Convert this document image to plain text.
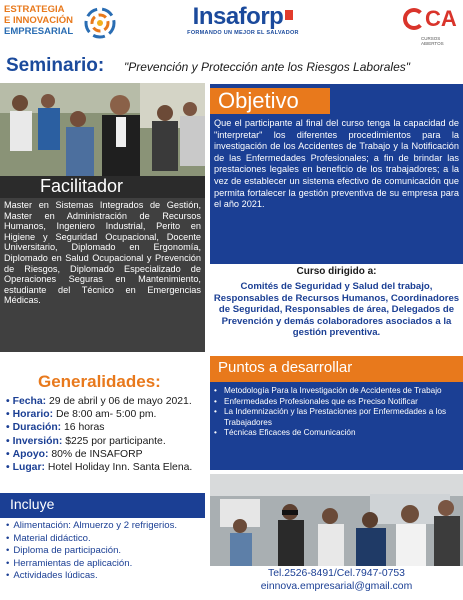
ESTRATEGIA
E INNOVACIÓN
EMPRESARIAL
Insaforp
FORMANDO UN MEJOR EL SALVADOR
CA
CURSOS ABIERTOS
Seminario: "Prevención y Protección ante los Riesgos Laborales"
Facilitador

Master en Sistemas Integrados de Gestión, Master en Administración de Recursos Humanos, Ingeniero Industrial, Perito en Higiene y Seguridad Ocupacional, Docente Universitario, Diplomado en Ergonomía, Diplomado en Salud Ocupacional y Prevención de Riesgos, Diplomado Especializado de Operaciones Seguras en Mantenimiento, estudiante del Técnico en Emergencias Médicas.

Objetivo

Que el participante al final del curso tenga la capacidad de "interpretar" los diferentes procedimientos para la investigación de los Accidentes de Trabajo y la Notificación de las Enfermedades Profesionales; a fin de brindar las prestaciones legales en beneficio de los trabajadores; a la vez de establecer un sistema efectivo de comunicación que permita fortalecer la gestión preventiva de su empresa para el año 2021.

Curso dirigido a:
Comités de Seguridad y Salud del trabajo, Responsables de Recursos Humanos, Coordinadores de Seguridad, Responsables de área, Delegados de Prevención y demás colaboradores asociados a la gestión preventiva.
Generalidades:
• Fecha: 29 de abril y 06 de mayo 2021.
• Horario: De 8:00 am- 5:00 pm.
• Duración: 16 horas
• Inversión: $225 por participante.
• Apoyo: 80% de INSAFORP
• Lugar: Hotel Holiday Inn. Santa Elena.
Incluye
• Alimentación: Almuerzo y 2 refrigerios.
• Material didáctico.
• Diploma de participación.
• Herramientas de aplicación.
• Actividades lúdicas.
Puntos a desarrollar
• Metodología Para la Investigación de Accidentes de Trabajo
• Enfermedades Profesionales que es Preciso Notificar
• La Indemnización y las Prestaciones por Enfermedades a los Trabajadores
• Técnicas Eficaces de Comunicación
Tel.2526-8491/Cel.7947-0753
einnova.empresarial@gmail.com
